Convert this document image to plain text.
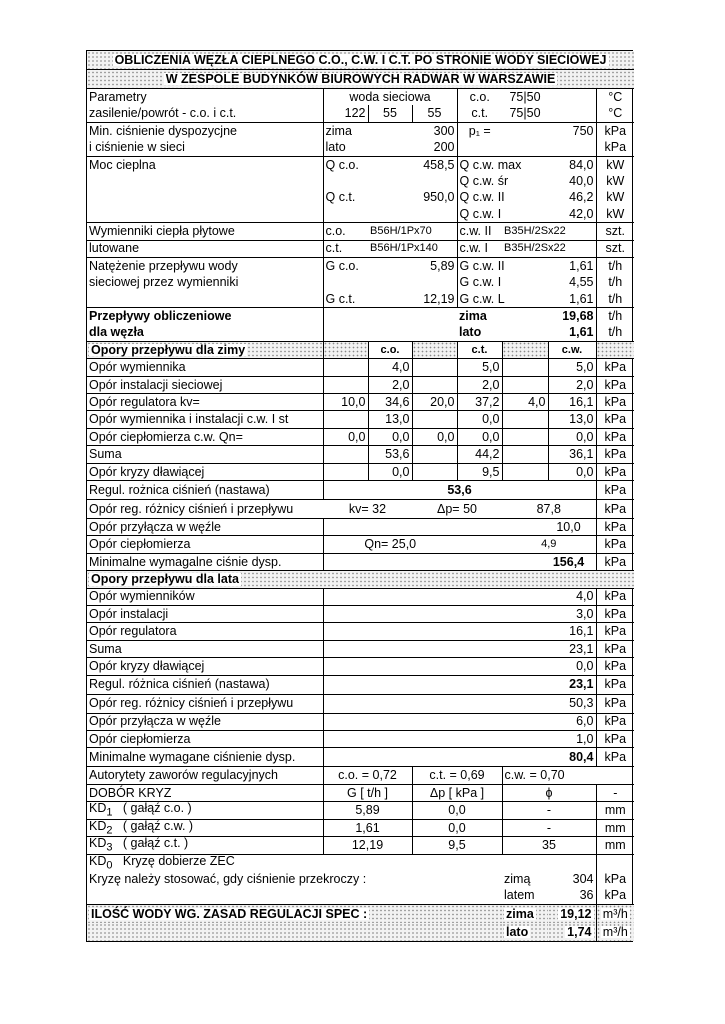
OBLICZENIA WĘZŁA CIEPLNEGO C.O., C.W. I C.T. PO STRONIE WODY SIECIOWEJ							
W ZESPOLE BUDYNKÓW BIUROWYCH RADWAR W WARSZAWIE							
Parametry	woda sieciowa			c.o.	75|50		°C
zasilenie/powrót - c.o. i c.t.	122	55	55	c.t.	75|50		°C
Min. ciśnienie dyspozycjne	zima		300	p₁ =		750	kPa
i ciśnienie w sieci	lato		200				kPa
Moc cieplna	Q c.o.		458,5	Q c.w. max		84,0	kW
				Q c.w. śr		40,0	kW
	Q c.t.		950,0	Q c.w. II		46,2	kW
				Q c.w. I		42,0	kW
Wymienniki ciepła płytowe	c.o.	B56H/1Px70		c.w. II	B35H/2Sx22		szt.
lutowane	c.t.	B56H/1Px140		c.w. I	B35H/2Sx22		szt.
Natężenie przepływu wody	G c.o.		5,89	G c.w. II		1,61	t/h
sieciowej przez wymienniki				G c.w. I		4,55	t/h
	G c.t.		12,19	G c.w. L		1,61	t/h
Przepływy obliczeniowe				zima		19,68	t/h
dla węzła				lato		1,61	t/h
Opory przepływu dla zimy		c.o.		c.t.		c.w.	
Opór wymiennika		4,0		5,0		5,0	kPa
Opór instalacji sieciowej		2,0		2,0		2,0	kPa
Opór regulatora kv=	10,0	34,6	20,0	37,2	4,0	16,1	kPa
Opór wymiennika i instalacji c.w. I st		13,0		0,0		13,0	kPa
Opór ciepłomierza c.w. Qn=	0,0	0,0	0,0	0,0		0,0	kPa
Suma		53,6		44,2		36,1	kPa
Opór kryzy dławiącej		0,0		9,5		0,0	kPa
Regul. rożnica ciśnień (nastawa)	53,6						kPa
Opór reg. różnicy ciśnień i przepływu	kv= 32		Δp= 50		87,8		kPa
Opór przyłącza w węźle	10,0						kPa
Opór ciepłomierza	Qn= 25,0				4,9		kPa
Minimalne wymagalne ciśnie dysp.	156,4						kPa
Opory przepływu dla lata							
Opór wymienników	4,0						kPa
Opór instalacji	3,0						kPa
Opór regulatora	16,1						kPa
Suma	23,1						kPa
Opór kryzy dławiącej	0,0						kPa
Regul. różnica ciśnień (nastawa)	23,1						kPa
Opór reg. różnicy ciśnień i przepływu	50,3						kPa
Opór przyłącza w węźle	6,0						kPa
Opór ciepłomierza	1,0						kPa
Minimalne wymagane ciśnienie dysp.	80,4						kPa
Autorytety zaworów regulacyjnych	c.o. = 0,72		c.t. = 0,69		c.w. = 0,70		
DOBÓR KRYZ	G [ t/h ]		Δp [ kPa ]		ϕ		-
$KD_1$ ( gałąź c.o. )	5,89		0,0		-		mm
$KD_2$ ( gałąź c.w. )	1,61		0,0		-		mm
$KD_3$ ( gałąź c.t. )	12,19		9,5		35		mm
$KD_0$ Kryzę dobierze ZEC							
Kryzę należy stosować, gdy ciśnienie przekroczy :					zimą	304	kPa
					latem	36	kPa
ILOŚĆ WODY WG. ZASAD REGULACJI SPEC :					zima	19,12	m³/h
					lato	1,74	m³/h
